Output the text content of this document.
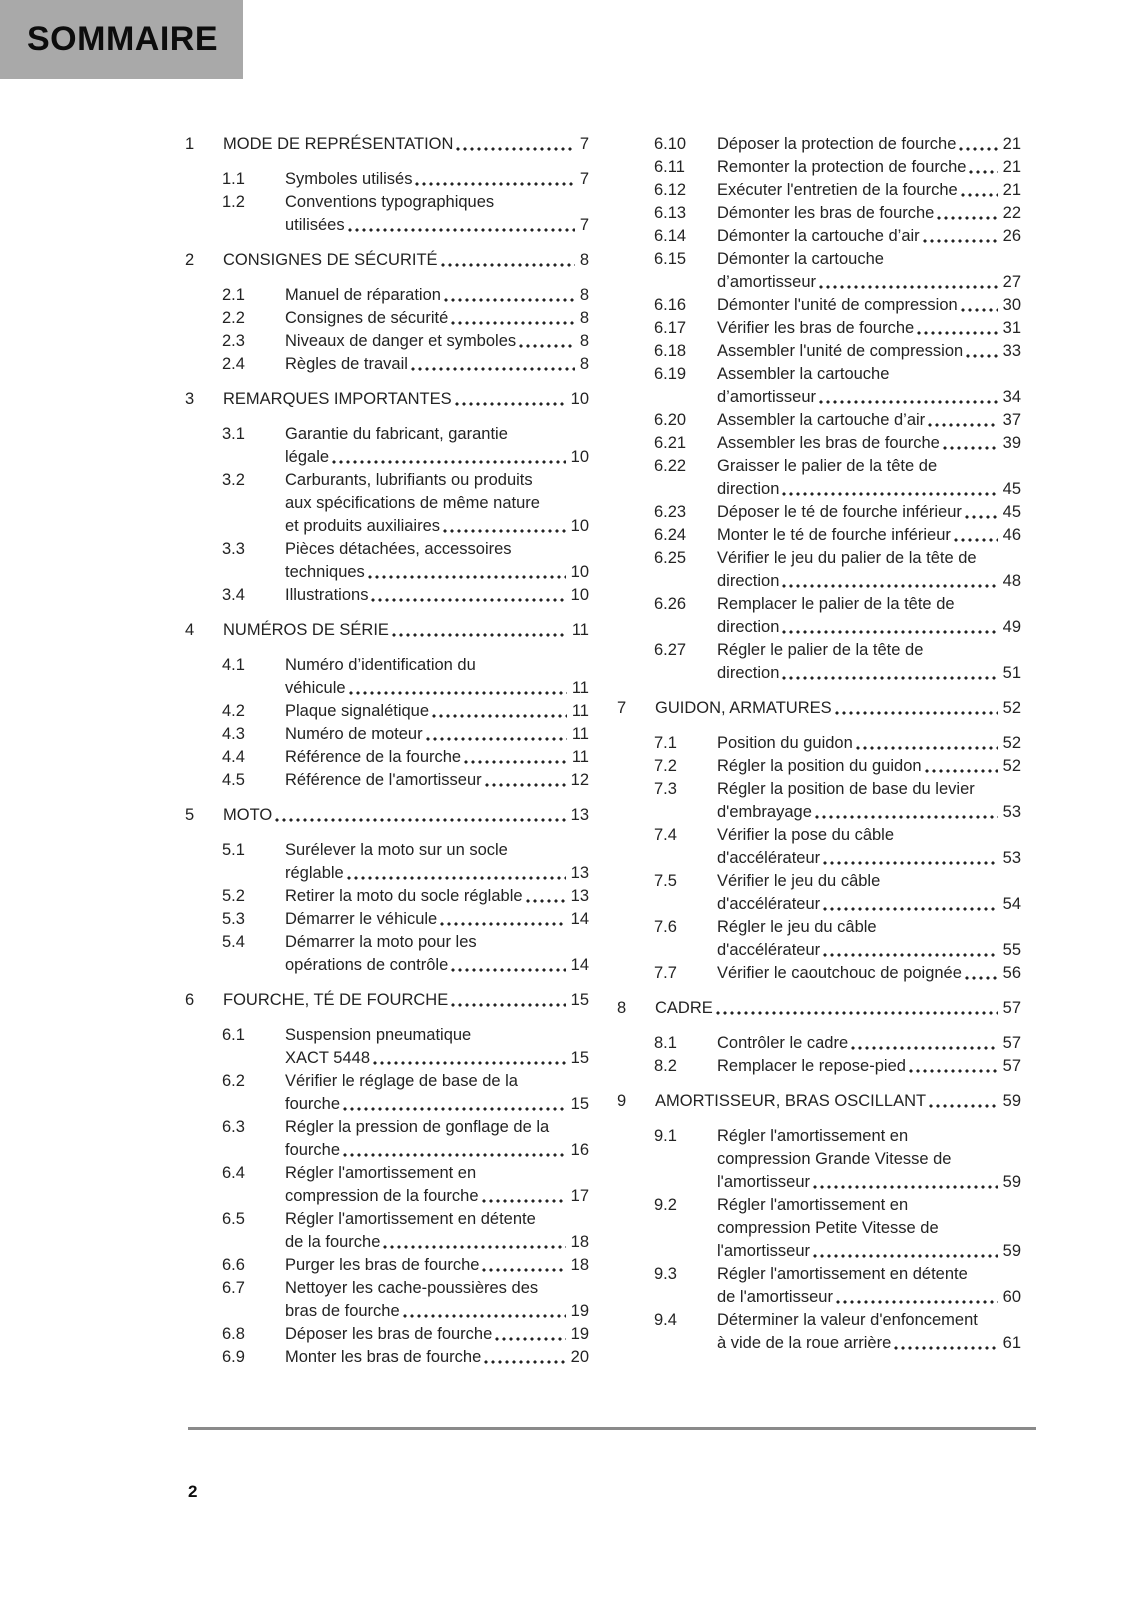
SOMMAIRE
1	MODE DE REPRÉSENTATION	7
1.1	Symboles utilisés	7
1.2	Conventions typographiques
utilisées	7
2	CONSIGNES DE SÉCURITÉ	8
2.1	Manuel de réparation	8
2.2	Consignes de sécurité	8
2.3	Niveaux de danger et symboles	8
2.4	Règles de travail	8
3	REMARQUES IMPORTANTES	10
3.1	Garantie du fabricant, garantie
légale	10
3.2	Carburants, lubrifiants ou produits
aux spécifications de même nature
et produits auxiliaires	10
3.3	Pièces détachées, accessoires
techniques	10
3.4	Illustrations	10
4	NUMÉROS DE SÉRIE	11
4.1	Numéro d’identification du
véhicule	11
4.2	Plaque signalétique	11
4.3	Numéro de moteur	11
4.4	Référence de la fourche	11
4.5	Référence de l'amortisseur	12
5	MOTO	13
5.1	Surélever la moto sur un socle
réglable	13
5.2	Retirer la moto du socle réglable	13
5.3	Démarrer le véhicule	14
5.4	Démarrer la moto pour les
opérations de contrôle	14
6	FOURCHE, TÉ DE FOURCHE	15
6.1	Suspension pneumatique
XACT 5448	15
6.2	Vérifier le réglage de base de la
fourche	15
6.3	Régler la pression de gonflage de la
fourche	16
6.4	Régler l'amortissement en
compression de la fourche	17
6.5	Régler l'amortissement en détente
de la fourche	18
6.6	Purger les bras de fourche	18
6.7	Nettoyer les cache-poussières des
bras de fourche	19
6.8	Déposer les bras de fourche	19
6.9	Monter les bras de fourche	20
6.10	Déposer la protection de fourche	21
6.11	Remonter la protection de fourche 21
6.12	Exécuter l'entretien de la fourche	21
6.13	Démonter les bras de fourche	22
6.14	Démonter la cartouche d’air	26
6.15	Démonter la cartouche
d’amortisseur	27
6.16	Démonter l'unité de compression	30
6.17	Vérifier les bras de fourche	31
6.18	Assembler l'unité de compression 33
6.19	Assembler la cartouche
d’amortisseur	34
6.20	Assembler la cartouche d’air	37
6.21	Assembler les bras de fourche	39
6.22	Graisser le palier de la tête de
direction	45
6.23	Déposer le té de fourche inférieur 45
6.24	Monter le té de fourche inférieur	46
6.25	Vérifier le jeu du palier de la tête de
direction	48
6.26	Remplacer le palier de la tête de
direction	49
6.27	Régler le palier de la tête de
direction	51
7	GUIDON, ARMATURES	52
7.1	Position du guidon	52
7.2	Régler la position du guidon	52
7.3	Régler la position de base du levier
d'embrayage	53
7.4	Vérifier la pose du câble
d'accélérateur	53
7.5	Vérifier le jeu du câble
d'accélérateur	54
7.6	Régler le jeu du câble
d'accélérateur	55
7.7	Vérifier le caoutchouc de poignée 56
8	CADRE	57
8.1	Contrôler le cadre	57
8.2	Remplacer le repose-pied	57
9	AMORTISSEUR, BRAS OSCILLANT	59
9.1	Régler l'amortissement en
compression Grande Vitesse de
l'amortisseur	59
9.2	Régler l'amortissement en
compression Petite Vitesse de
l'amortisseur	59
9.3	Régler l'amortissement en détente
de l'amortisseur	60
9.4	Déterminer la valeur d'enfoncement
à vide de la roue arrière	61
2
